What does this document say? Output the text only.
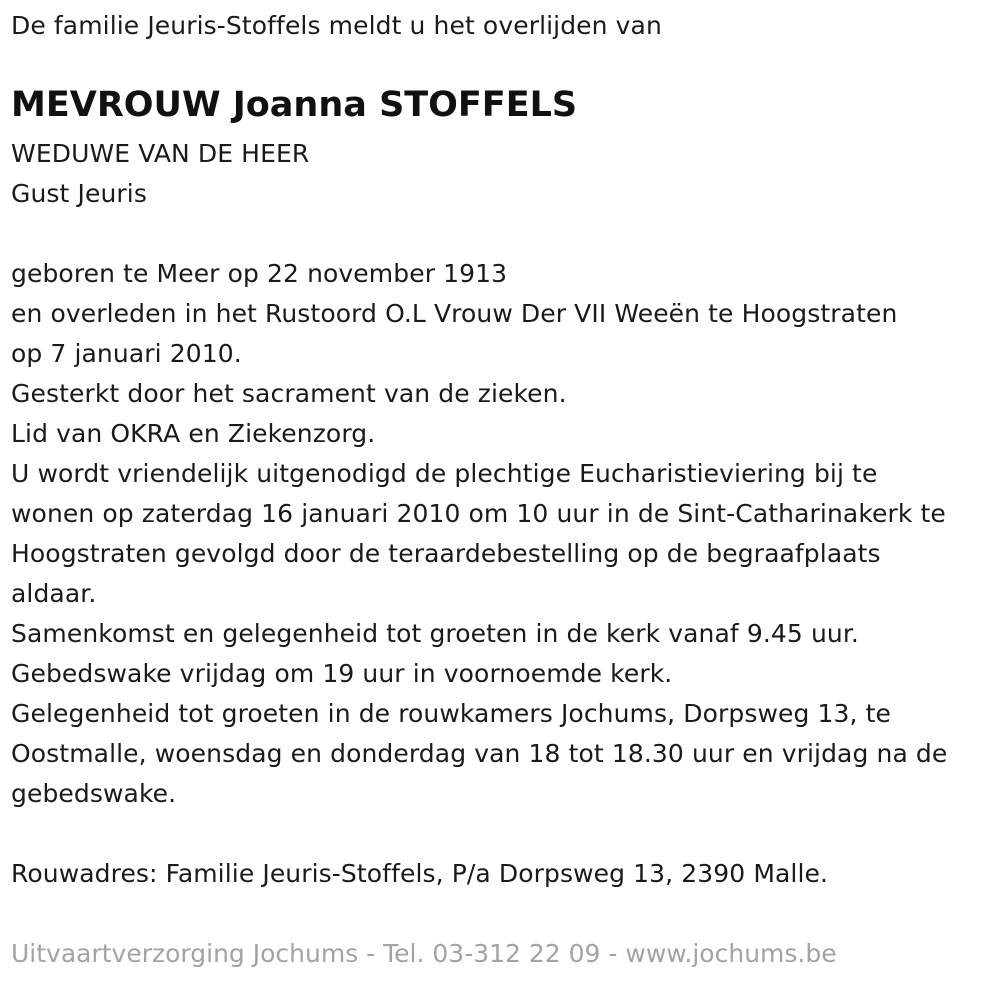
De familie Jeuris-Stoffels meldt u het overlijden van
MEVROUW Joanna STOFFELS
WEDUWE VAN DE HEER
Gust Jeuris
geboren te Meer op 22 november 1913
en overleden in het Rustoord O.L Vrouw Der VII Weeën te Hoogstraten
op 7 januari 2010.
Gesterkt door het sacrament van de zieken.
Lid van OKRA en Ziekenzorg.
U wordt vriendelijk uitgenodigd de plechtige Eucharistieviering bij te
wonen op zaterdag 16 januari 2010 om 10 uur in de Sint-Catharinakerk te
Hoogstraten gevolgd door de teraardebestelling op de begraafplaats
aldaar.
Samenkomst en gelegenheid tot groeten in de kerk vanaf 9.45 uur.
Gebedswake vrijdag om 19 uur in voornoemde kerk.
Gelegenheid tot groeten in de rouwkamers Jochums, Dorpsweg 13, te
Oostmalle, woensdag en donderdag van 18 tot 18.30 uur en vrijdag na de
gebedswake.
Rouwadres: Familie Jeuris-Stoffels, P/a Dorpsweg 13, 2390 Malle.
Uitvaartverzorging Jochums - Tel. 03-312 22 09 - www.jochums.be
